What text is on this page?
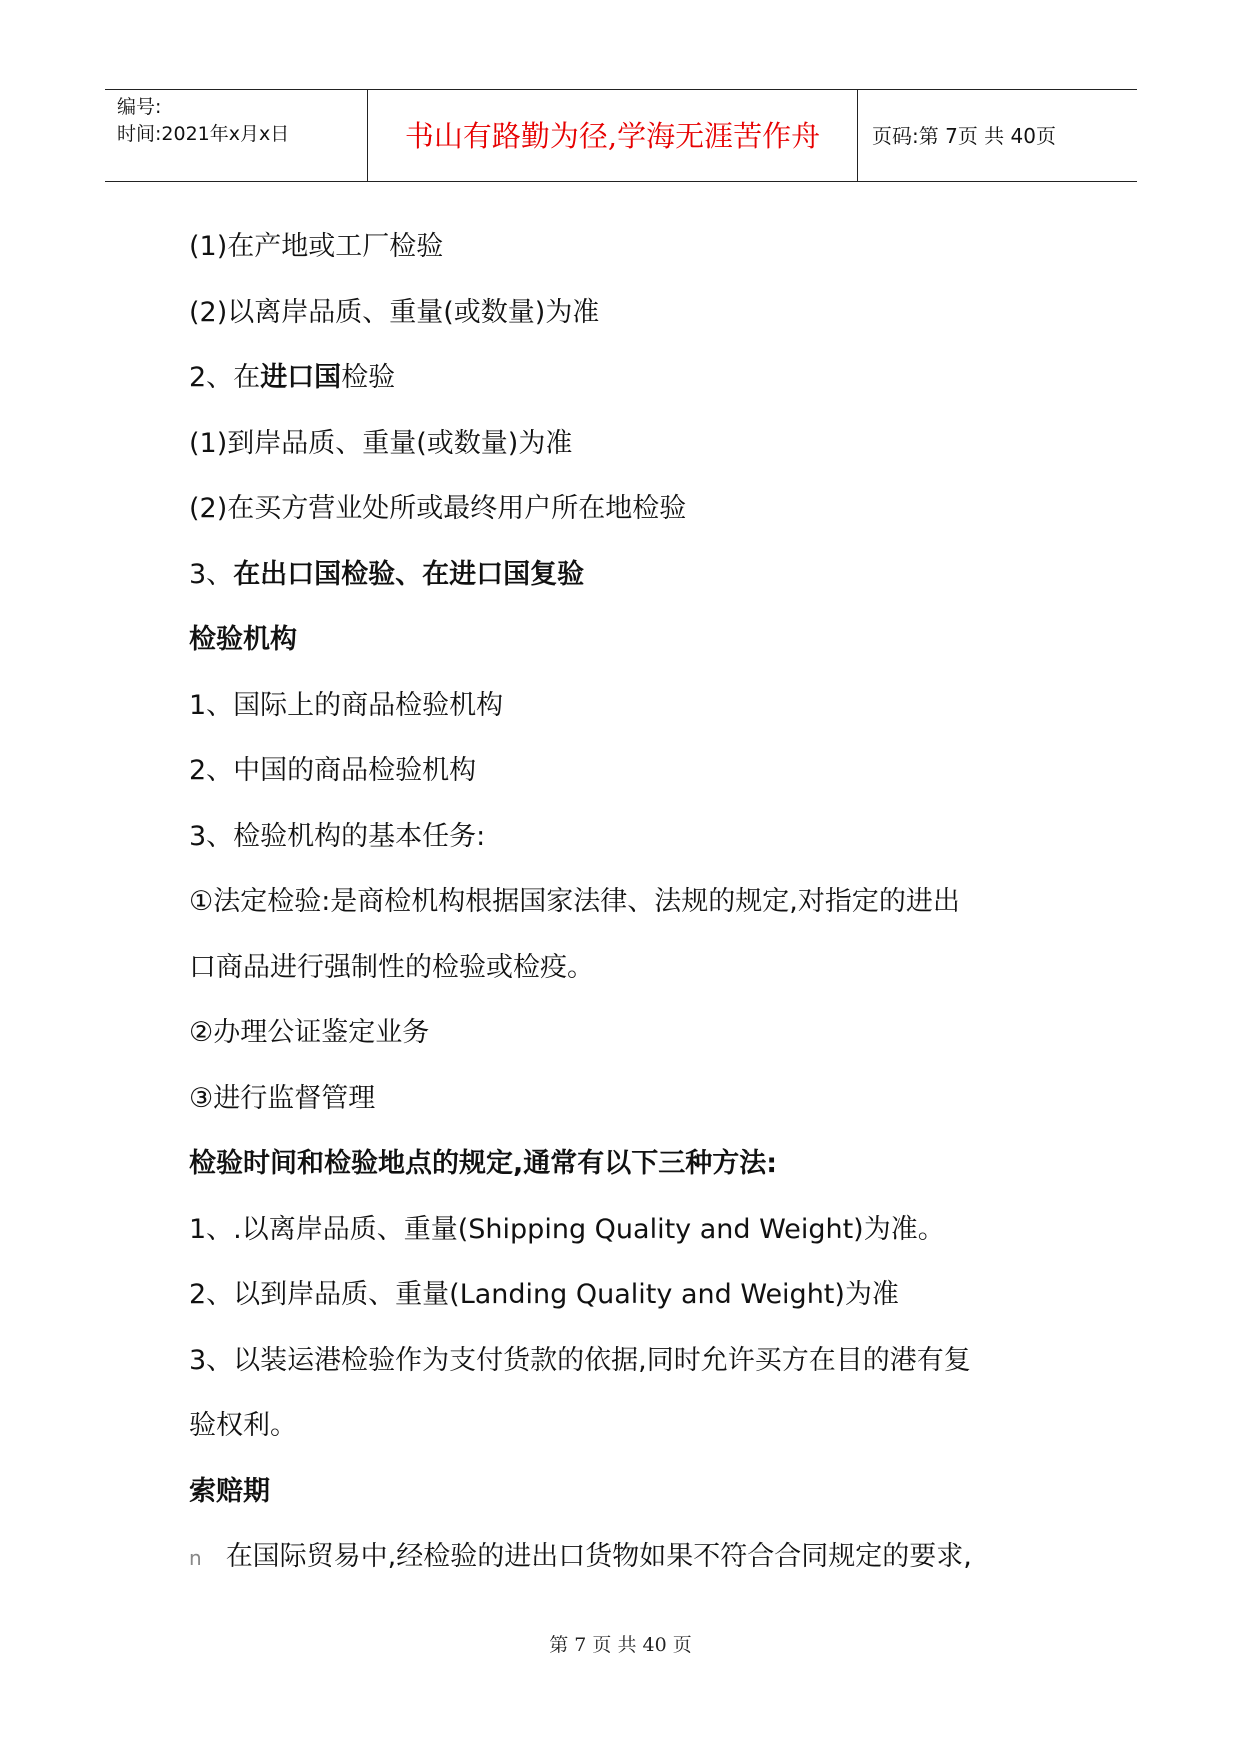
编号:
时间:2021年x月x日	书山有路勤为径,学海无涯苦作舟	页码:第 7页 共 40页

(1)在产地或工厂检验

(2)以离岸品质、重量(或数量)为准

2、在进口国检验

(1)到岸品质、重量(或数量)为准

(2)在买方营业处所或最终用户所在地检验

3、在出口国检验、在进口国复验

检验机构

1、国际上的商品检验机构

2、中国的商品检验机构

3、检验机构的基本任务:

①法定检验:是商检机构根据国家法律、法规的规定,对指定的进出

口商品进行强制性的检验或检疫。

②办理公证鉴定业务

③进行监督管理

检验时间和检验地点的规定,通常有以下三种方法:

1、.以离岸品质、重量(Shipping Quality and Weight)为准。

2、以到岸品质、重量(Landing Quality and Weight)为准

3、以装运港检验作为支付货款的依据,同时允许买方在目的港有复

验权利。

索赔期

n 在国际贸易中,经检验的进出口货物如果不符合合同规定的要求,

第 7 页 共 40 页
